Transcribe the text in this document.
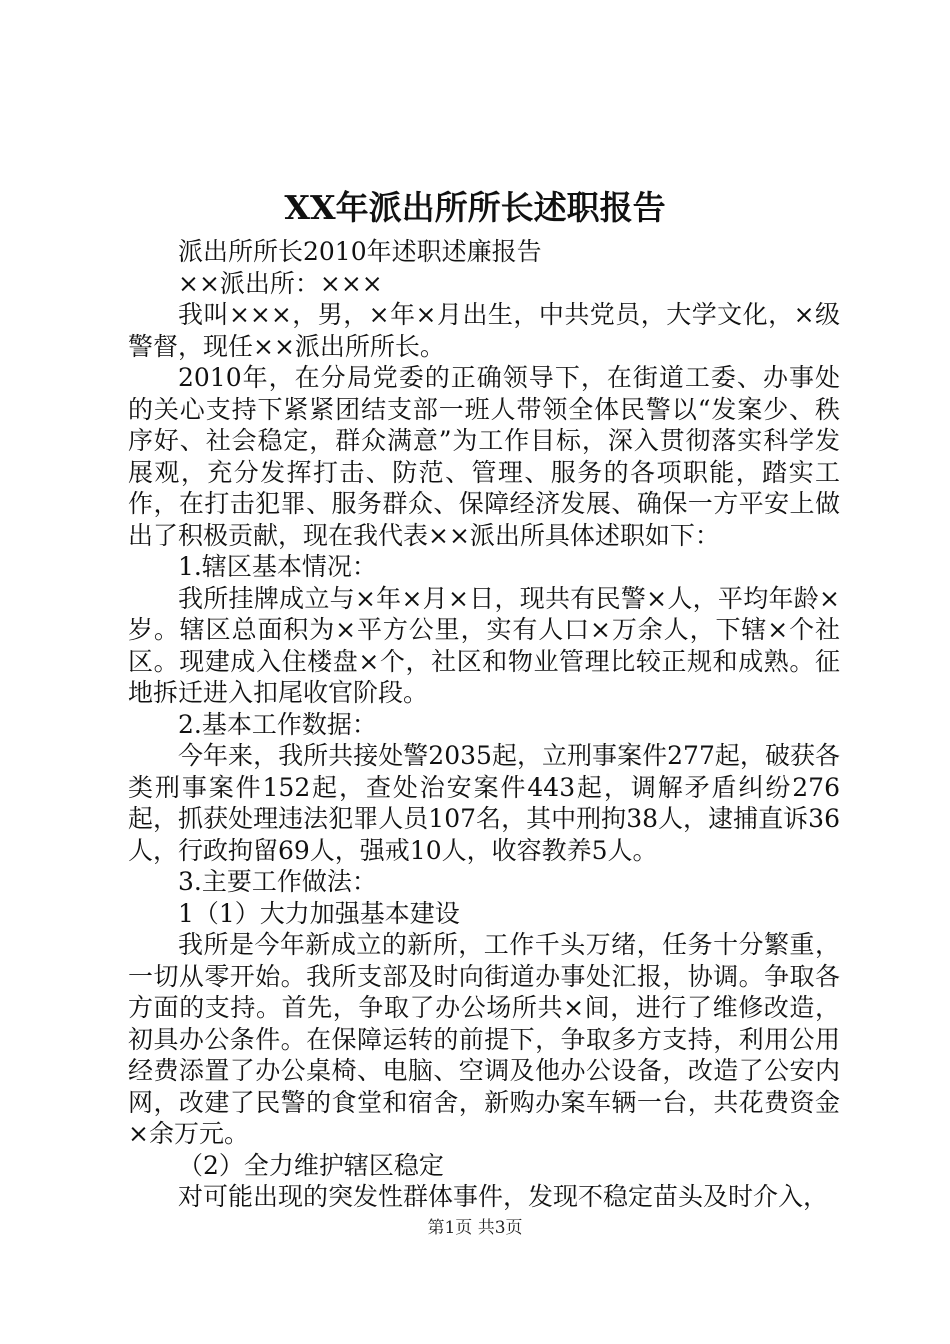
XX年派出所所长述职报告

派出所所长2010年述职述廉报告

××派出所：×××

我叫×××，男，×年×月出生，中共党员，大学文化，×级警督，现任××派出所所长。

2010年，在分局党委的正确领导下，在街道工委、办事处的关心支持下紧紧团结支部一班人带领全体民警以“发案少、秩序好、社会稳定，群众满意”为工作目标，深入贯彻落实科学发展观，充分发挥打击、防范、管理、服务的各项职能，踏实工作，在打击犯罪、服务群众、保障经济发展、确保一方平安上做出了积极贡献，现在我代表××派出所具体述职如下：

1.辖区基本情况：

我所挂牌成立与×年×月×日，现共有民警×人，平均年龄×岁。辖区总面积为×平方公里，实有人口×万余人，下辖×个社区。现建成入住楼盘×个，社区和物业管理比较正规和成熟。征地拆迁进入扣尾收官阶段。

2.基本工作数据：

今年来，我所共接处警2035起，立刑事案件277起，破获各类刑事案件152起，查处治安案件443起，调解矛盾纠纷276起，抓获处理违法犯罪人员107名，其中刑拘38人，逮捕直诉36人，行政拘留69人，强戒10人，收容教养5人。

3.主要工作做法：

1（1）大力加强基本建设

我所是今年新成立的新所，工作千头万绪，任务十分繁重，一切从零开始。我所支部及时向街道办事处汇报，协调。争取各方面的支持。首先，争取了办公场所共×间，进行了维修改造，初具办公条件。在保障运转的前提下，争取多方支持，利用公用经费添置了办公桌椅、电脑、空调及他办公设备，改造了公安内网，改建了民警的食堂和宿舍，新购办案车辆一台，共花费资金×余万元。

（2）全力维护辖区稳定

对可能出现的突发性群体事件，发现不稳定苗头及时介入，

第1页 共3页
